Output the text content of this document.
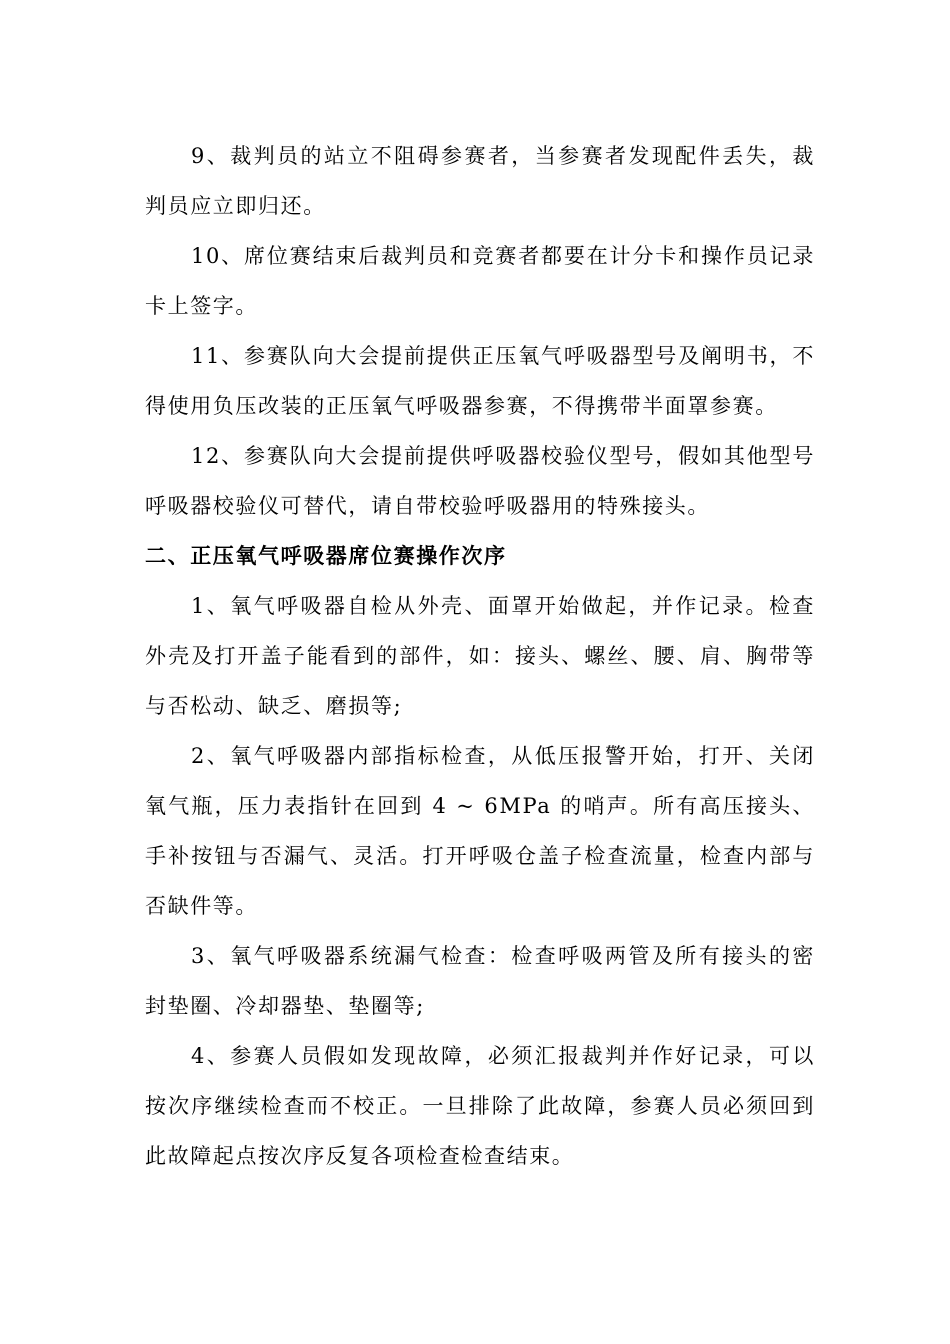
9、裁判员的站立不阻碍参赛者，当参赛者发现配件丢失，裁判员应立即归还。

10、席位赛结束后裁判员和竞赛者都要在计分卡和操作员记录卡上签字。

11、参赛队向大会提前提供正压氧气呼吸器型号及阐明书，不得使用负压改装的正压氧气呼吸器参赛，不得携带半面罩参赛。

12、参赛队向大会提前提供呼吸器校验仪型号，假如其他型号呼吸器校验仪可替代，请自带校验呼吸器用的特殊接头。

二、正压氧气呼吸器席位赛操作次序

1、氧气呼吸器自检从外壳、面罩开始做起，并作记录。检查外壳及打开盖子能看到的部件，如：接头、螺丝、腰、肩、胸带等与否松动、缺乏、磨损等;

2、氧气呼吸器内部指标检查，从低压报警开始，打开、关闭氧气瓶，压力表指针在回到 4 ~ 6MPa 的哨声。所有高压接头、手补按钮与否漏气、灵活。打开呼吸仓盖子检查流量，检查内部与否缺件等。

3、氧气呼吸器系统漏气检查：检查呼吸两管及所有接头的密封垫圈、冷却器垫、垫圈等;

4、参赛人员假如发现故障，必须汇报裁判并作好记录，可以按次序继续检查而不校正。一旦排除了此故障，参赛人员必须回到此故障起点按次序反复各项检查检查结束。
